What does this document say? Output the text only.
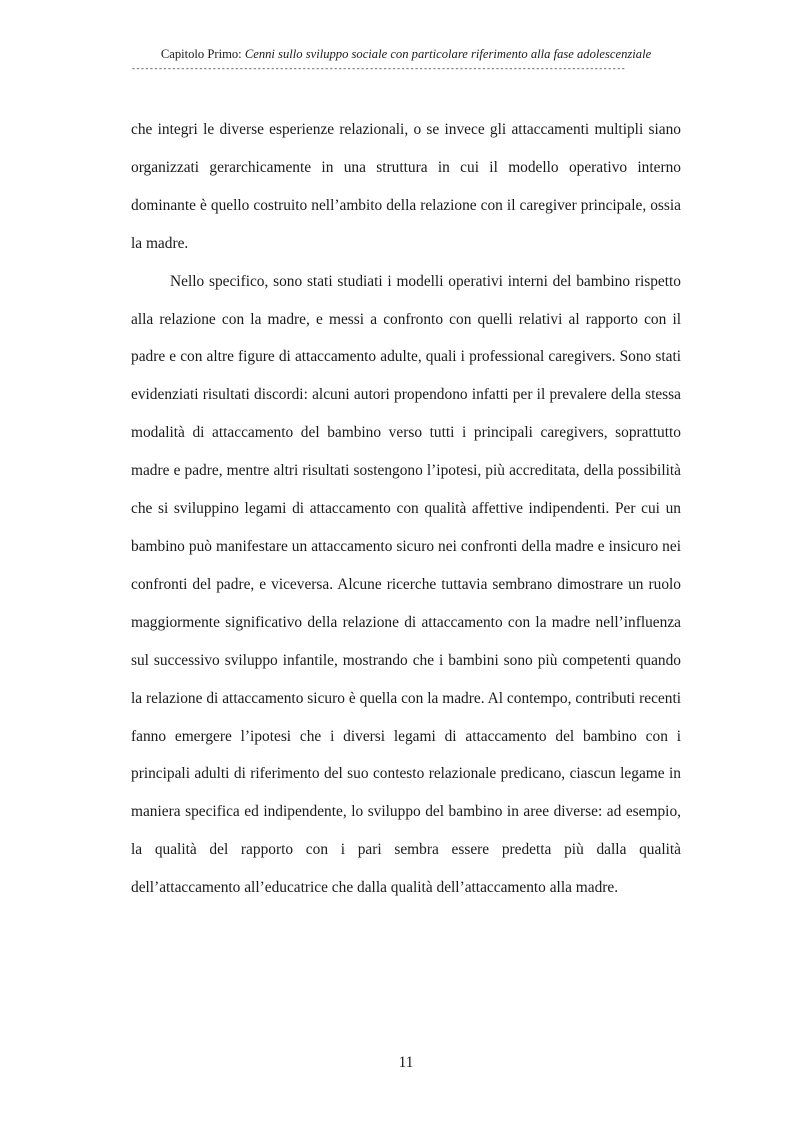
Capitolo Primo: Cenni sullo sviluppo sociale con particolare riferimento alla fase adolescenziale
--------------------------------------------------------------------------------------------------------------

che integri le diverse esperienze relazionali, o se invece gli attaccamenti multipli siano organizzati gerarchicamente in una struttura in cui il modello operativo interno dominante è quello costruito nell’ambito della relazione con il caregiver principale, ossia la madre.

Nello specifico, sono stati studiati i modelli operativi interni del bambino rispetto alla relazione con la madre, e messi a confronto con quelli relativi al rapporto con il padre e con altre figure di attaccamento adulte, quali i professional caregivers. Sono stati evidenziati risultati discordi: alcuni autori propendono infatti per il prevalere della stessa modalità di attaccamento del bambino verso tutti i principali caregivers, soprattutto madre e padre, mentre altri risultati sostengono l’ipotesi, più accreditata, della possibilità che si sviluppino legami di attaccamento con qualità affettive indipendenti. Per cui un bambino può manifestare un attaccamento sicuro nei confronti della madre e insicuro nei confronti del padre, e viceversa. Alcune ricerche tuttavia sembrano dimostrare un ruolo maggiormente significativo della relazione di attaccamento con la madre nell’influenza sul successivo sviluppo infantile, mostrando che i bambini sono più competenti quando la relazione di attaccamento sicuro è quella con la madre. Al contempo, contributi recenti fanno emergere l’ipotesi che i diversi legami di attaccamento del bambino con i principali adulti di riferimento del suo contesto relazionale predicano, ciascun legame in maniera specifica ed indipendente, lo sviluppo del bambino in aree diverse: ad esempio, la qualità del rapporto con i pari sembra essere predetta più dalla qualità dell’attaccamento all’educatrice che dalla qualità dell’attaccamento alla madre.

11
